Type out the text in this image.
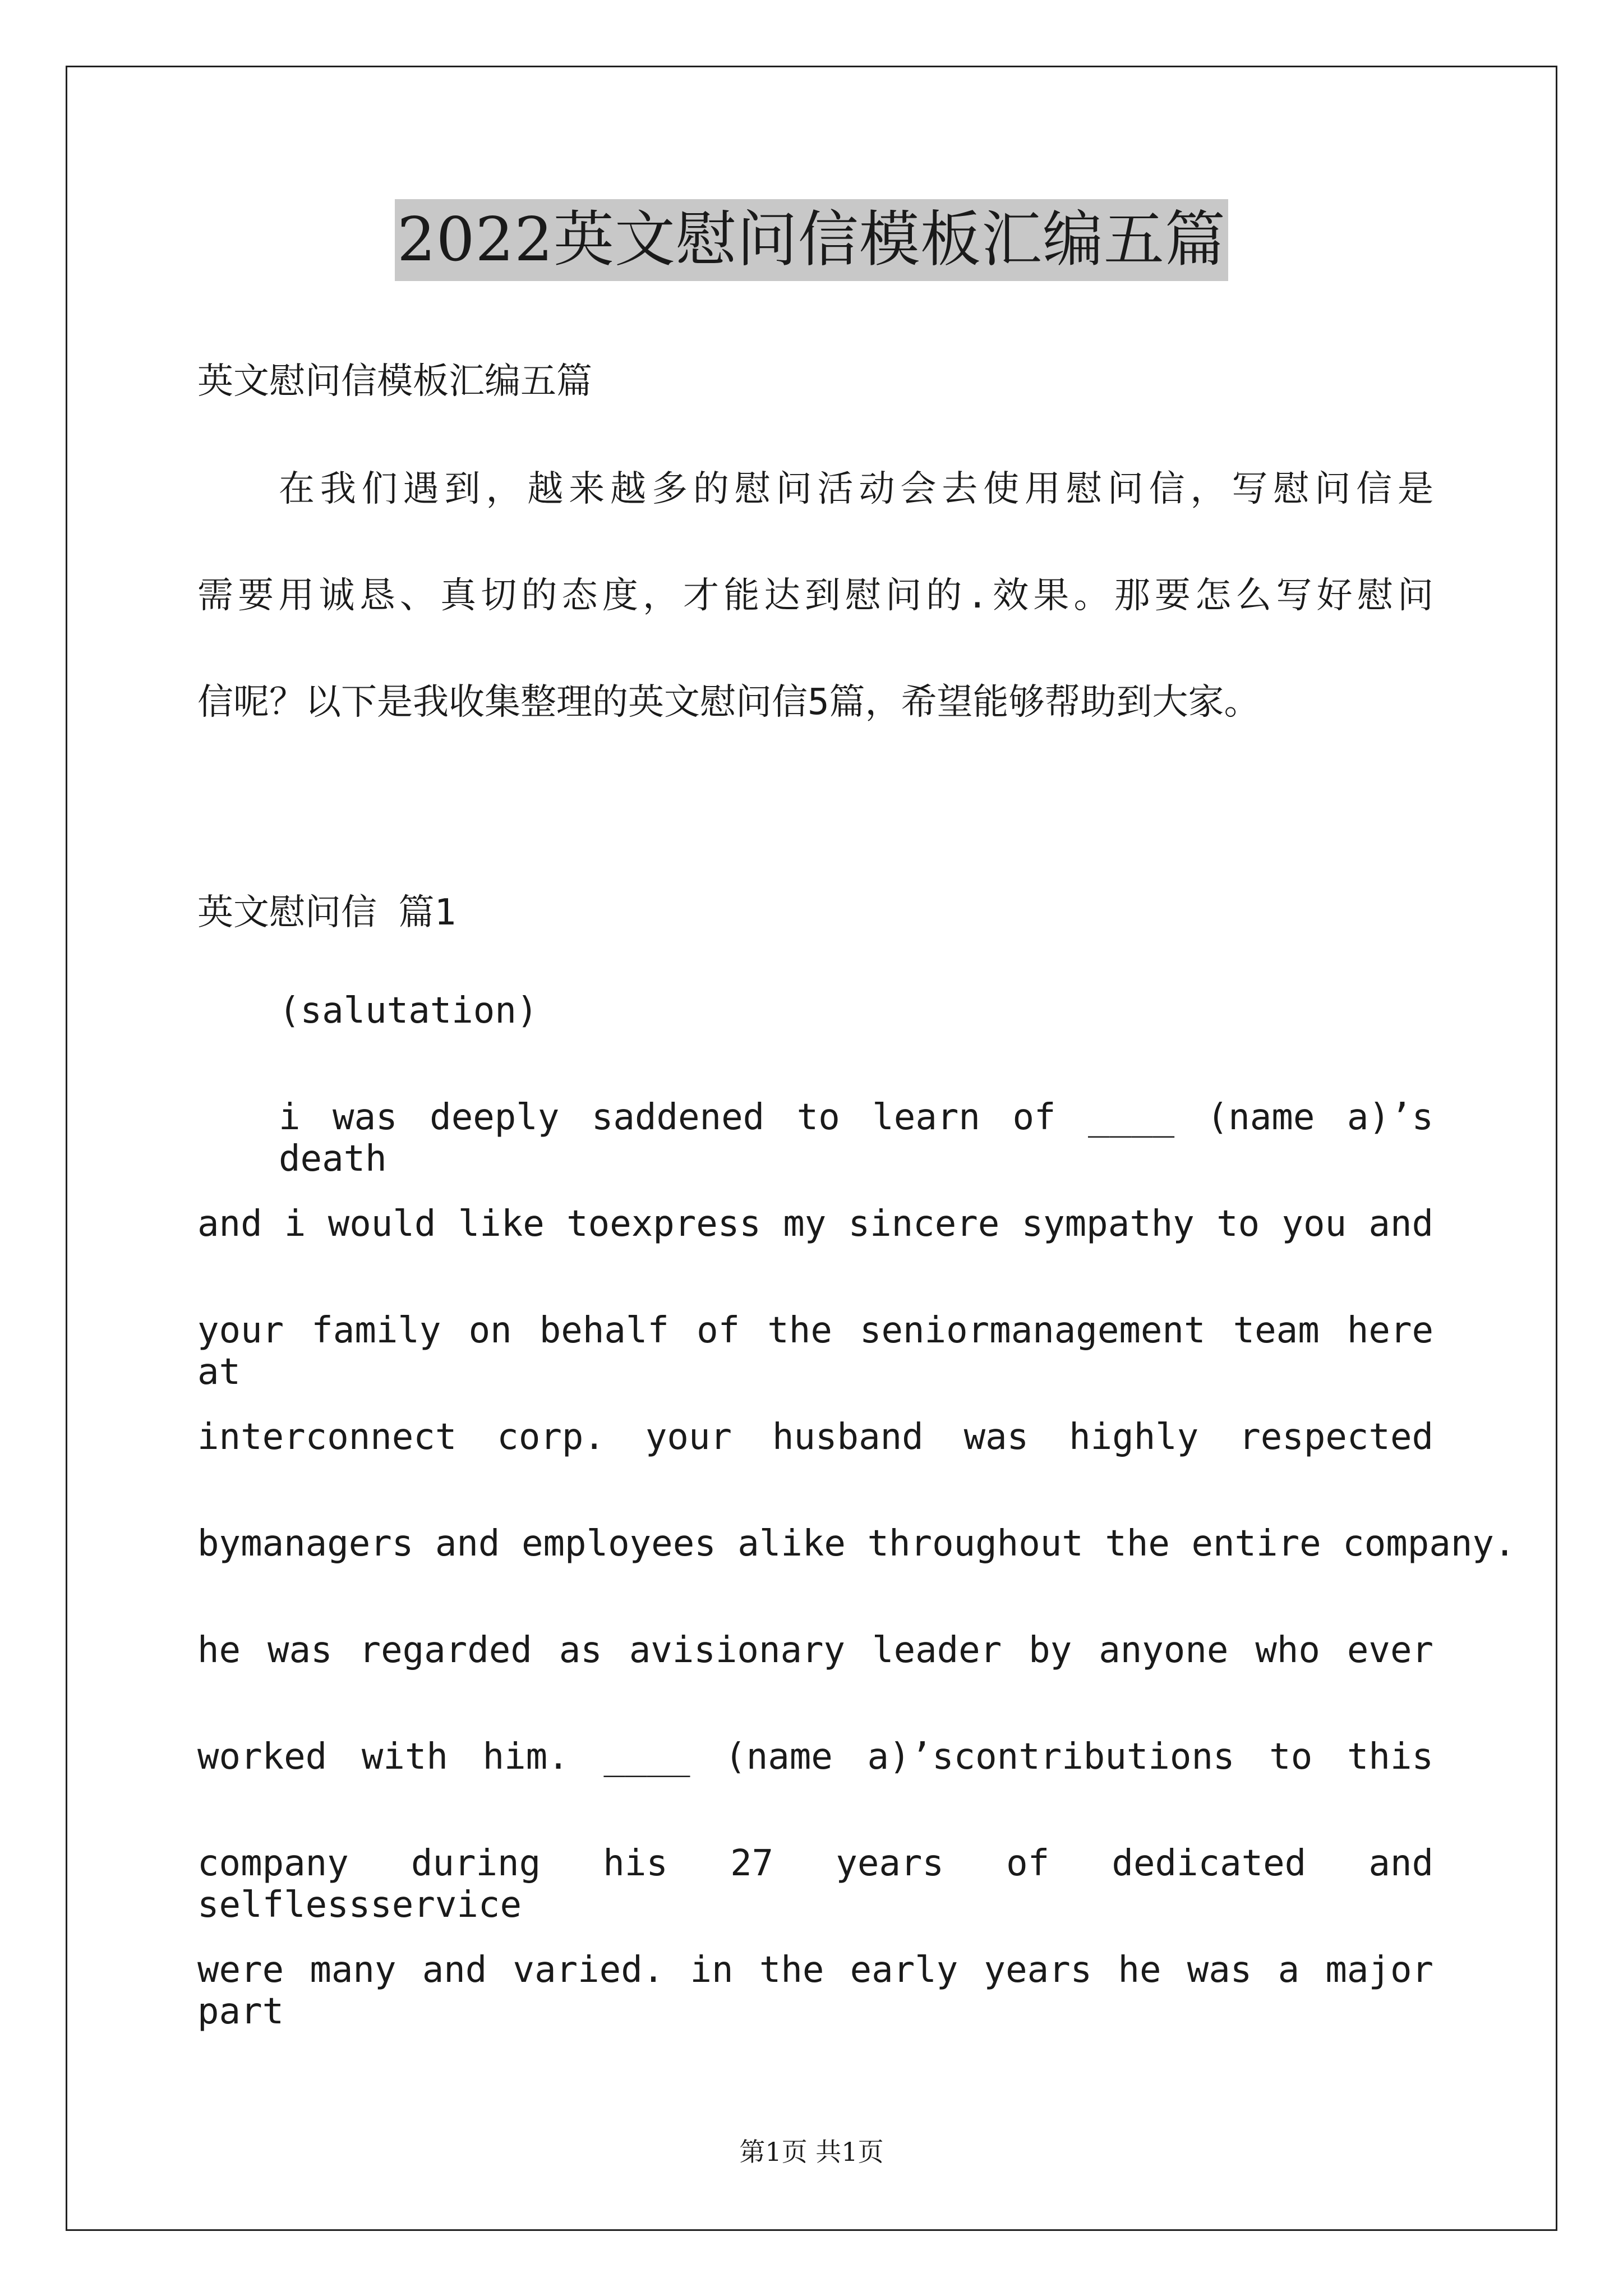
2022英文慰问信模板汇编五篇
英文慰问信模板汇编五篇
在我们遇到，越来越多的慰问活动会去使用慰问信，写慰问信是
需要用诚恳、真切的态度，才能达到慰问的.效果。那要怎么写好慰问
信呢？以下是我收集整理的英文慰问信5篇，希望能够帮助到大家。
英文慰问信 篇1
(salutation)
i was deeply saddened to learn of ____ (name a)’s death
and i would like toexpress my sincere sympathy to you and
your family on behalf of the seniormanagement team here at
interconnect corp. your husband was highly respected
bymanagers and employees alike throughout the entire company.
he was regarded as avisionary leader by anyone who ever
worked with him. ____ (name a)’scontributions to this
company during his 27 years of dedicated and selflessservice
were many and varied. in the early years he was a major part
第1页 共1页
